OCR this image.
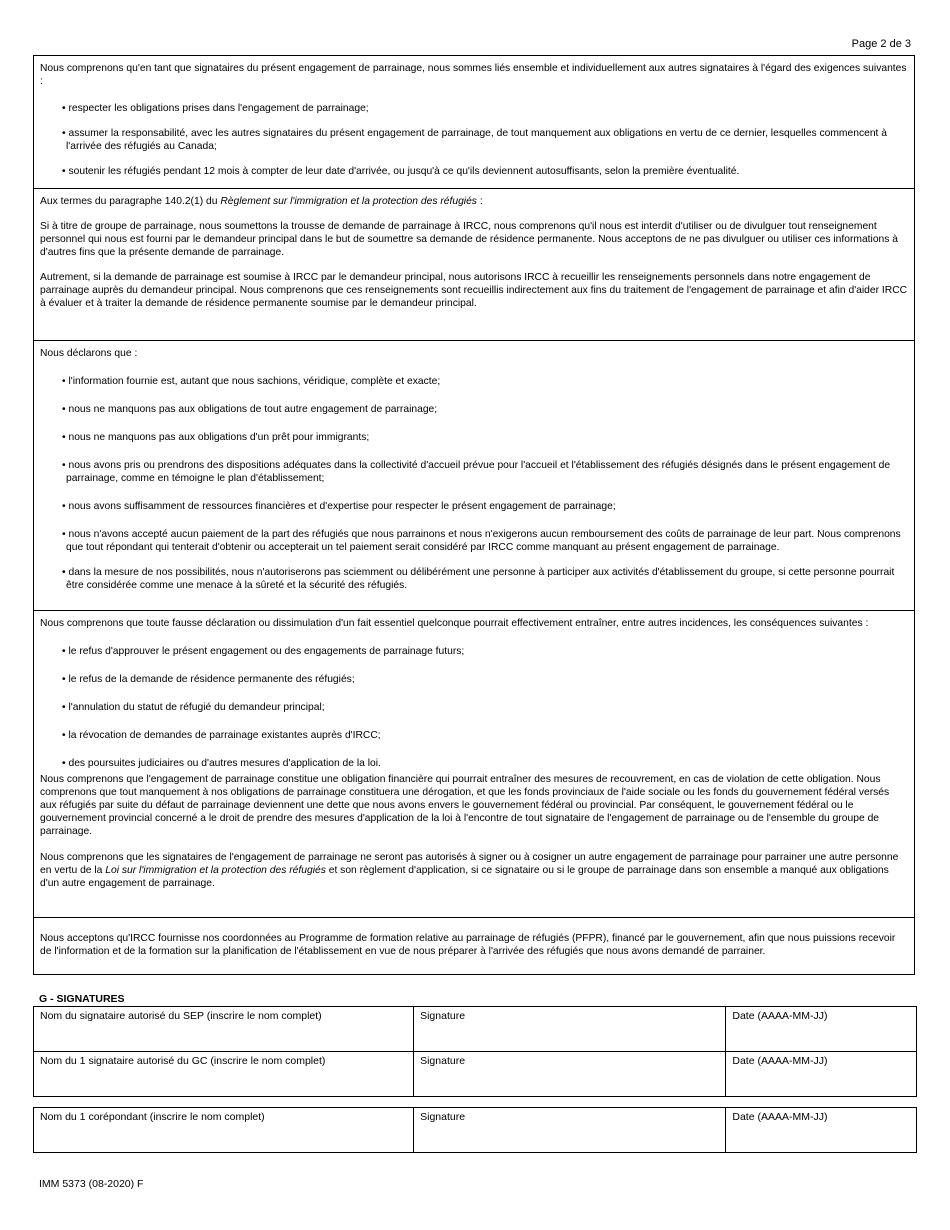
Page 2 de 3

Nous comprenons qu'en tant que signataires du présent engagement de parrainage, nous sommes liés ensemble et individuellement aux autres signataires à l'égard des exigences suivantes :

• respecter les obligations prises dans l'engagement de parrainage;

• assumer la responsabilité, avec les autres signataires du présent engagement de parrainage, de tout manquement aux obligations en vertu de ce dernier, lesquelles commencent à l'arrivée des réfugiés au Canada;

• soutenir les réfugiés pendant 12 mois à compter de leur date d'arrivée, ou jusqu'à ce qu'ils deviennent autosuffisants, selon la première éventualité.

Aux termes du paragraphe 140.2(1) du Règlement sur l'immigration et la protection des réfugiés :

Si à titre de groupe de parrainage, nous soumettons la trousse de demande de parrainage à IRCC, nous comprenons qu'il nous est interdit d'utiliser ou de divulguer tout renseignement personnel qui nous est fourni par le demandeur principal dans le but de soumettre sa demande de résidence permanente. Nous acceptons de ne pas divulguer ou utiliser ces informations à d'autres fins que la présente demande de parrainage.

Autrement, si la demande de parrainage est soumise à IRCC par le demandeur principal, nous autorisons IRCC à recueillir les renseignements personnels dans notre engagement de parrainage auprès du demandeur principal. Nous comprenons que ces renseignements sont recueillis indirectement aux fins du traitement de l'engagement de parrainage et afin d'aider IRCC à évaluer et à traiter la demande de résidence permanente soumise par le demandeur principal.

Nous déclarons que :

• l'information fournie est, autant que nous sachions, véridique, complète et exacte;

• nous ne manquons pas aux obligations de tout autre engagement de parrainage;

• nous ne manquons pas aux obligations d'un prêt pour immigrants;

• nous avons pris ou prendrons des dispositions adéquates dans la collectivité d'accueil prévue pour l'accueil et l'établissement des réfugiés désignés dans le présent engagement de parrainage, comme en témoigne le plan d'établissement;

• nous avons suffisamment de ressources financières et d'expertise pour respecter le présent engagement de parrainage;

• nous n'avons accepté aucun paiement de la part des réfugiés que nous parrainons et nous n'exigerons aucun remboursement des coûts de parrainage de leur part. Nous comprenons que tout répondant qui tenterait d'obtenir ou accepterait un tel paiement serait considéré par IRCC comme manquant au présent engagement de parrainage.

• dans la mesure de nos possibilités, nous n'autoriserons pas sciemment ou délibérément une personne à participer aux activités d'établissement du groupe, si cette personne pourrait être considérée comme une menace à la sûreté et la sécurité des réfugiés.

Nous comprenons que toute fausse déclaration ou dissimulation d'un fait essentiel quelconque pourrait effectivement entraîner, entre autres incidences, les conséquences suivantes :

• le refus d'approuver le présent engagement ou des engagements de parrainage futurs;

• le refus de la demande de résidence permanente des réfugiés;

• l'annulation du statut de réfugié du demandeur principal;

• la révocation de demandes de parrainage existantes auprès d'IRCC;

• des poursuites judiciaires ou d'autres mesures d'application de la loi.

Nous comprenons que l'engagement de parrainage constitue une obligation financière qui pourrait entraîner des mesures de recouvrement, en cas de violation de cette obligation. Nous comprenons que tout manquement à nos obligations de parrainage constituera une dérogation, et que les fonds provinciaux de l'aide sociale ou les fonds du gouvernement fédéral versés aux réfugiés par suite du défaut de parrainage deviennent une dette que nous avons envers le gouvernement fédéral ou provincial. Par conséquent, le gouvernement fédéral ou le gouvernement provincial concerné a le droit de prendre des mesures d'application de la loi à l'encontre de tout signataire de l'engagement de parrainage ou de l'ensemble du groupe de parrainage.

Nous comprenons que les signataires de l'engagement de parrainage ne seront pas autorisés à signer ou à cosigner un autre engagement de parrainage pour parrainer une autre personne en vertu de la Loi sur l'immigration et la protection des réfugiés et son règlement d'application, si ce signataire ou si le groupe de parrainage dans son ensemble a manqué aux obligations d'un autre engagement de parrainage.

Nous acceptons qu'IRCC fournisse nos coordonnées au Programme de formation relative au parrainage de réfugiés (PFPR), financé par le gouvernement, afin que nous puissions recevoir de l'information et de la formation sur la planification de l'établissement en vue de nous préparer à l'arrivée des réfugiés que nous avons demandé de parrainer.

G - SIGNATURES
Nom du signataire autorisé du SEP (inscrire le nom complet)	Signature	Date (AAAA-MM-JJ)
Nom du 1 signataire autorisé du GC (inscrire le nom complet)	Signature	Date (AAAA-MM-JJ)
Nom du 1 corépondant (inscrire le nom complet)	Signature	Date (AAAA-MM-JJ)
IMM 5373 (08-2020) F
